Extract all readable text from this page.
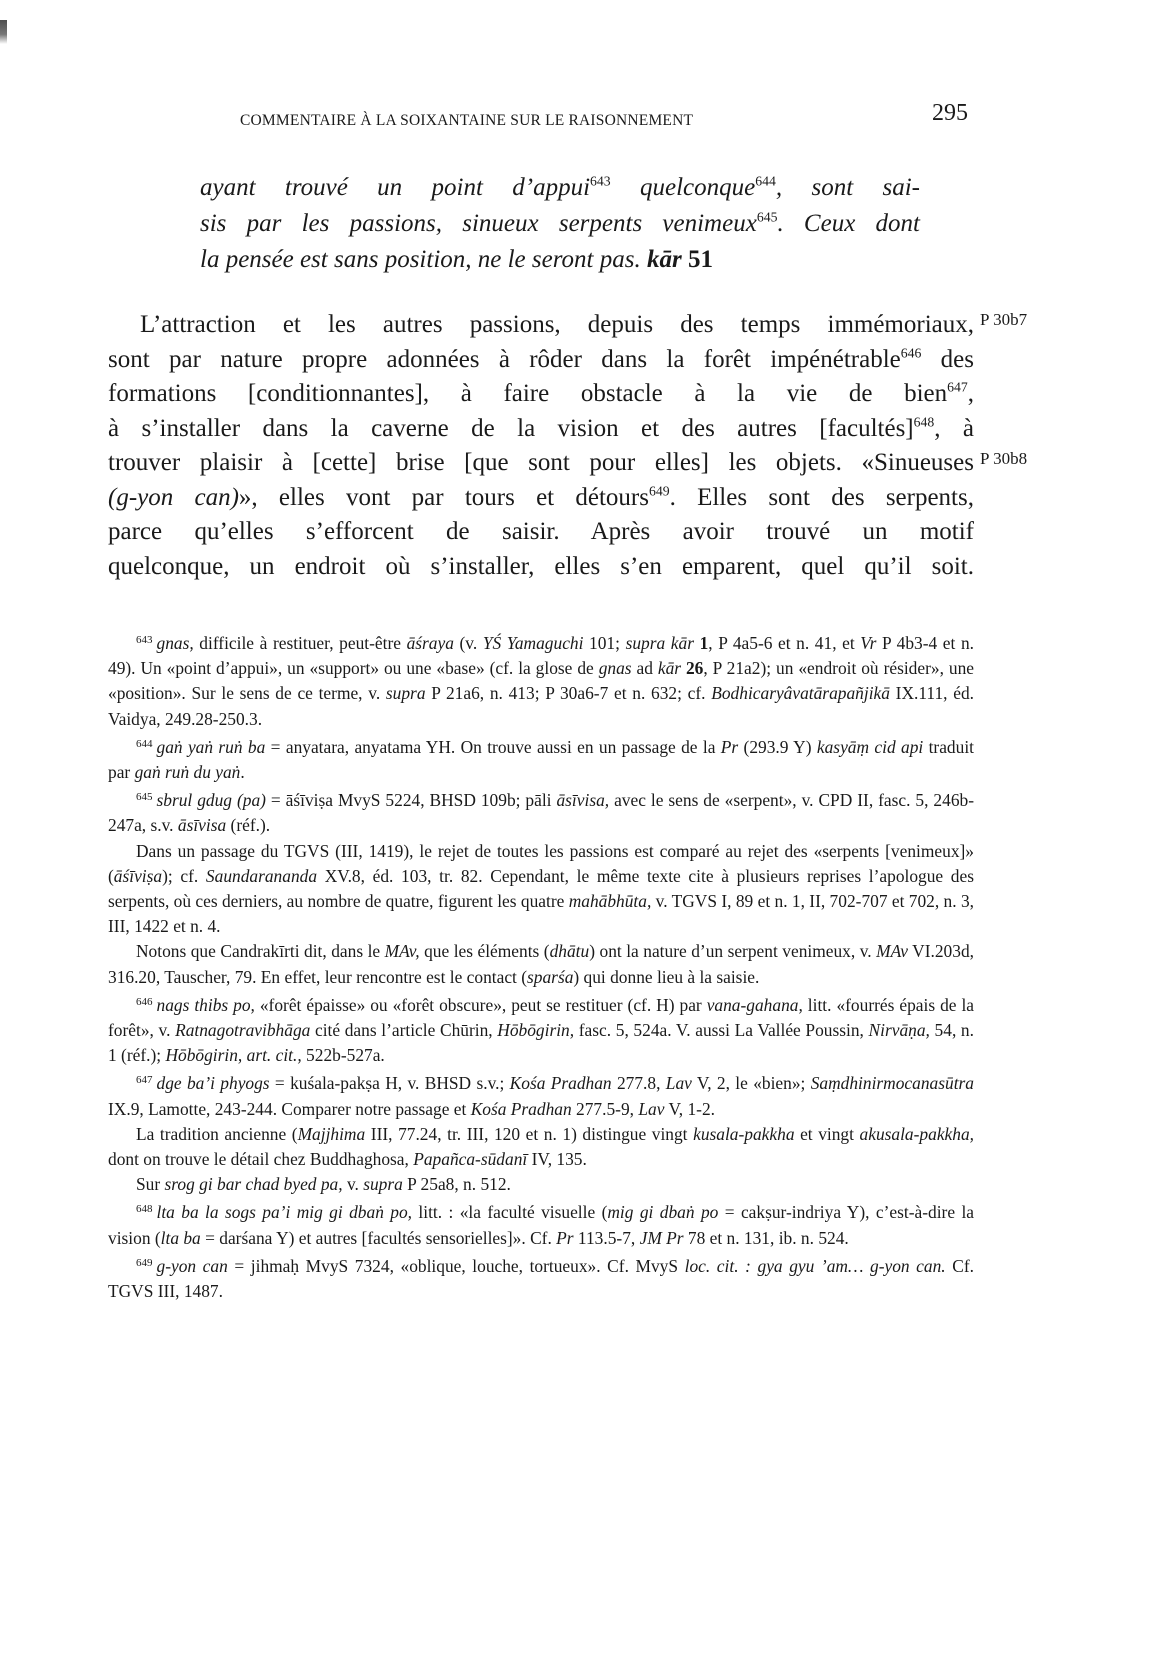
COMMENTAIRE À LA SOIXANTAINE SUR LE RAISONNEMENT	295
ayant trouvé un point d’appui$^{643}$ quelconque$^{644}$, sont sai-
sis par les passions, sinueux serpents venimeux$^{645}$. Ceux dont
la pensée est sans position, ne le seront pas. kār 51
L’attraction et les autres passions, depuis des temps immémoriaux,
sont par nature propre adonnées à rôder dans la forêt impénétrable$^{646}$ des
formations [conditionnantes], à faire obstacle à la vie de bien$^{647}$,
à s’installer dans la caverne de la vision et des autres [facultés]$^{648}$, à
trouver plaisir à [cette] brise [que sont pour elles] les objets. «Sinueuses
(g-yon can)», elles vont par tours et détours$^{649}$. Elles sont des serpents,
parce qu’elles s’efforcent de saisir. Après avoir trouvé un motif
quelconque, un endroit où s’installer, elles s’en emparent, quel qu’il soit.
P 30b7
P 30b8

$^{643}$ gnas, difficile à restituer, peut-être āśraya (v. YŚ Yamaguchi 101; supra kār 1, P 4a5-6 et n. 41, et Vr P 4b3-4 et n. 49). Un «point d’appui», un «support» ou une «base» (cf. la glose de gnas ad kār 26, P 21a2); un «endroit où résider», une «position». Sur le sens de ce terme, v. supra P 21a6, n. 413; P 30a6-7 et n. 632; cf. Bodhicaryâvatārapañjikā IX.111, éd. Vaidya, 249.28-250.3.

$^{644}$ gaṅ yaṅ ruṅ ba = anyatara, anyatama YH. On trouve aussi en un passage de la Pr (293.9 Y) kasyāṃ cid api traduit par gaṅ ruṅ du yaṅ.

$^{645}$ sbrul gdug (pa) = āśīviṣa MvyS 5224, BHSD 109b; pāli āsīvisa, avec le sens de «serpent», v. CPD II, fasc. 5, 246b-247a, s.v. āsīvisa (réf.).

Dans un passage du TGVS (III, 1419), le rejet de toutes les passions est comparé au rejet des «serpents [venimeux]» (āśīviṣa); cf. Saundarananda XV.8, éd. 103, tr. 82. Cependant, le même texte cite à plusieurs reprises l’apologue des serpents, où ces derniers, au nombre de quatre, figurent les quatre mahābhūta, v. TGVS I, 89 et n. 1, II, 702-707 et 702, n. 3, III, 1422 et n. 4.

Notons que Candrakīrti dit, dans le MAv, que les éléments (dhātu) ont la nature d’un serpent venimeux, v. MAv VI.203d, 316.20, Tauscher, 79. En effet, leur rencontre est le contact (sparśa) qui donne lieu à la saisie.

$^{646}$ nags thibs po, «forêt épaisse» ou «forêt obscure», peut se restituer (cf. H) par vana-gahana, litt. «fourrés épais de la forêt», v. Ratnagotravibhāga cité dans l’article Chūrin, Hōbōgirin, fasc. 5, 524a. V. aussi La Vallée Poussin, Nirvāṇa, 54, n. 1 (réf.); Hōbōgirin, art. cit., 522b-527a.

$^{647}$ dge ba’i phyogs = kuśala-pakṣa H, v. BHSD s.v.; Kośa Pradhan 277.8, Lav V, 2, le «bien»; Saṃdhinirmocanasūtra IX.9, Lamotte, 243-244. Comparer notre passage et Kośa Pradhan 277.5-9, Lav V, 1-2.

La tradition ancienne (Majjhima III, 77.24, tr. III, 120 et n. 1) distingue vingt kusala-pakkha et vingt akusala-pakkha, dont on trouve le détail chez Buddhaghosa, Papañca-sūdanī IV, 135.

Sur srog gi bar chad byed pa, v. supra P 25a8, n. 512.

$^{648}$ lta ba la sogs pa’i mig gi dbaṅ po, litt. : «la faculté visuelle (mig gi dbaṅ po = cakṣur-indriya Y), c’est-à-dire la vision (lta ba = darśana Y) et autres [facultés sensorielles]». Cf. Pr 113.5-7, JM Pr 78 et n. 131, ib. n. 524.

$^{649}$ g-yon can = jihmaḥ MvyS 7324, «oblique, louche, tortueux». Cf. MvyS loc. cit. : gya gyu ’am… g-yon can. Cf. TGVS III, 1487.
